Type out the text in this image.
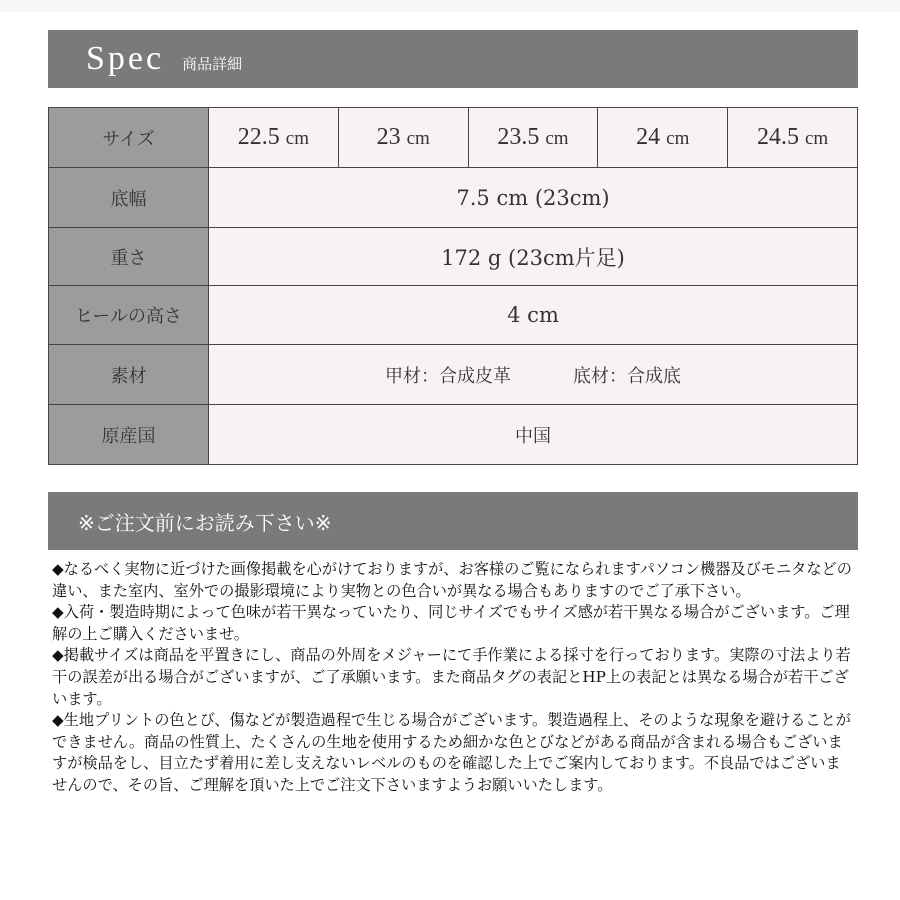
Spec 商品詳細
サイズ	22.5 cm	23 cm	23.5 cm	24 cm	24.5 cm
底幅	7.5 cm (23cm)				
重さ	172 g (23cm片足)				
ヒールの高さ	4 cm				
素材	甲材：合成皮革 底材：合成底				
原産国	中国				
※ご注文前にお読み下さい※

◆なるべく実物に近づけた画像掲載を心がけておりますが、お客様のご覧になられますパソコン機器及びモニタなどの違い、また室内、室外での撮影環境により実物との色合いが異なる場合もありますのでご了承下さい。

◆入荷・製造時期によって色味が若干異なっていたり、同じサイズでもサイズ感が若干異なる場合がございます。ご理解の上ご購入くださいませ。

◆掲載サイズは商品を平置きにし、商品の外周をメジャーにて手作業による採寸を行っております。実際の寸法より若干の誤差が出る場合がございますが、ご了承願います。また商品タグの表記とHP上の表記とは異なる場合が若干ございます。

◆生地プリントの色とび、傷などが製造過程で生じる場合がございます。製造過程上、そのような現象を避けることができません。商品の性質上、たくさんの生地を使用するため細かな色とびなどがある商品が含まれる場合もございますが検品をし、目立たず着用に差し支えないレベルのものを確認した上でご案内しております。不良品ではございませんので、その旨、ご理解を頂いた上でご注文下さいますようお願いいたします。
